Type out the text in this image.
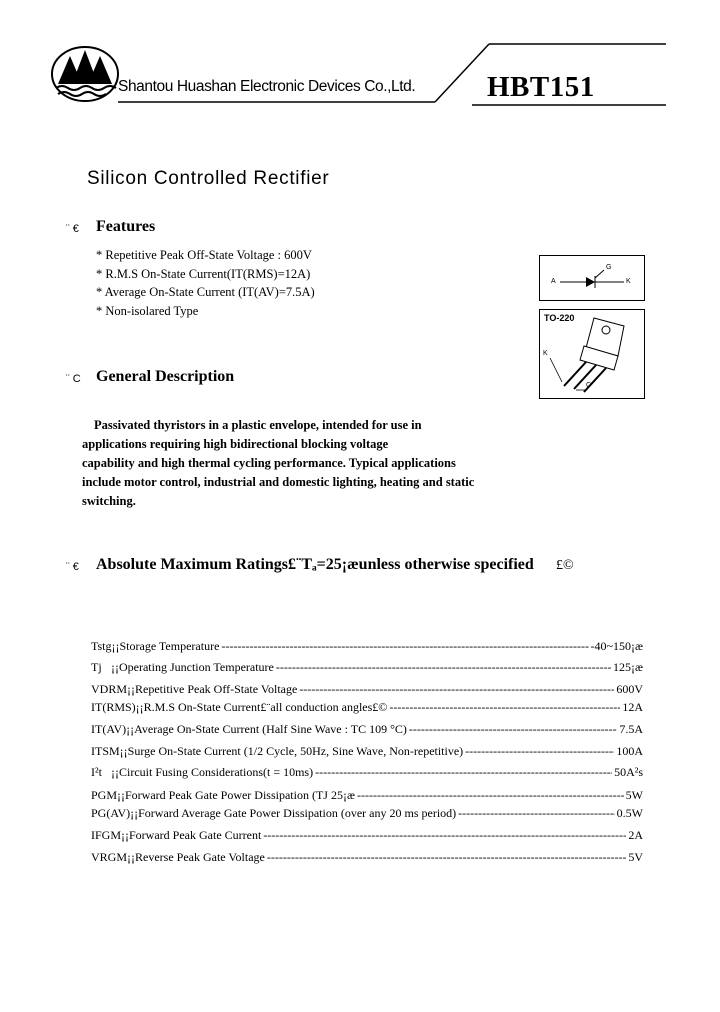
Shantou Huashan Electronic Devices Co.,Ltd. HBT151
Silicon Controlled Rectifier
¨ € Features
* Repetitive Peak Off-State Voltage : 600V
* R.M.S On-State Current(IT(RMS)=12A)
* Average On-State Current (IT(AV)=7.5A)
* Non-isolared Type
A
G
K
TO-220
K
C
¨ C General Description
Passivated thyristors in a plastic envelope, intended for use in
applications requiring high bidirectional blocking voltage
capability and high thermal cycling performance. Typical applications
include motor control, industrial and domestic lighting, heating and static
switching.
¨ € Absolute Maximum Ratings£¨Tₐ=25¡æunless otherwise specified £©
Tstg ¡¡Storage Temperature -----	-40~150¡æ
Tj ¡¡Operating Junction Temperature -----	125¡æ
VDRM ¡¡Repetitive Peak Off-State Voltage -----	600V
IT(RMS) ¡¡R.M.S On-State Current£¨all conduction angles£© -----	12A
IT(AV) ¡¡Average On-State Current (Half Sine Wave : TC 109 °C) -----	7.5A
ITSM ¡¡Surge On-State Current (1/2 Cycle, 50Hz, Sine Wave, Non-repetitive) -----	100A
I²t ¡¡Circuit Fusing Considerations(t = 10ms) -----	50A²s
PGM ¡¡Forward Peak Gate Power Dissipation (TJ 25¡æ -----	5W
PG(AV) ¡¡Forward Average Gate Power Dissipation (over any 20 ms period) -----	0.5W
IFGM ¡¡Forward Peak Gate Current -----	2A
VRGM ¡¡Reverse Peak Gate Voltage -----	5V
